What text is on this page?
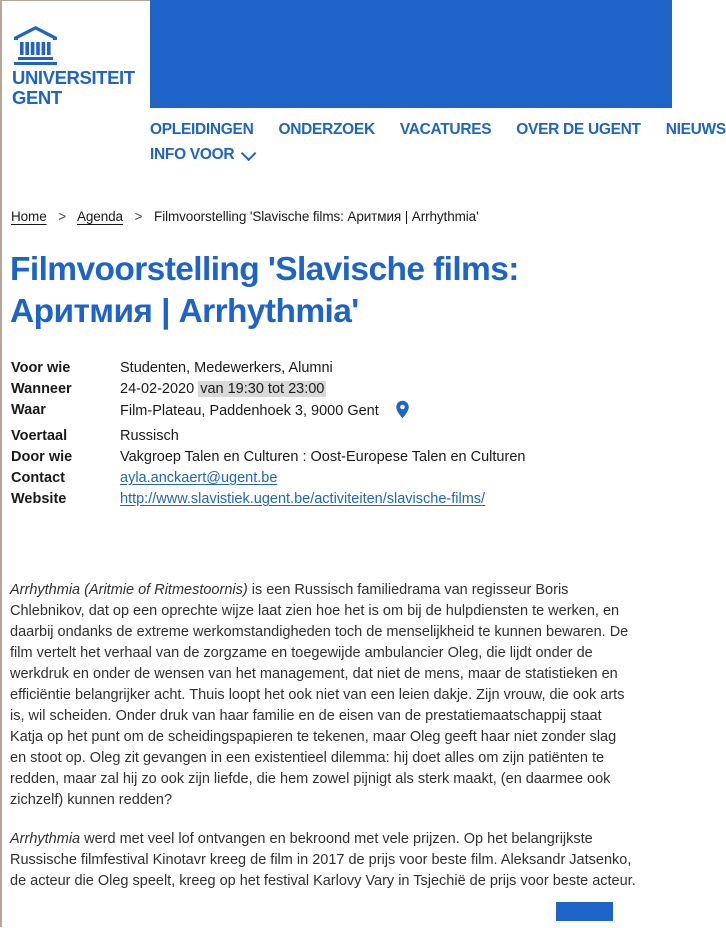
UNIVERSITEIT
GENT
OPLEIDINGEN ONDERZOEK VACATURES OVER DE UGENT NIEUWS
INFO VOOR
Home > Agenda > Filmvoorstelling 'Slavische films: Аритмия | Arrhythmia'
Filmvoorstelling 'Slavische films:
Аритмия | Arrhythmia'
Voor wie	Studenten, Medewerkers, Alumni
Wanneer	24-02-2020 van 19:30 tot 23:00
Waar	Film-Plateau, Paddenhoek 3, 9000 Gent
Voertaal	Russisch
Door wie	Vakgroep Talen en Culturen : Oost-Europese Talen en Culturen
Contact	ayla.anckaert@ugent.be
Website	http://www.slavistiek.ugent.be/activiteiten/slavische-films/

Arrhythmia (Aritmie of Ritmestoornis) is een Russisch familiedrama van regisseur Boris Chlebnikov, dat op een oprechte wijze laat zien hoe het is om bij de hulpdiensten te werken, en daarbij ondanks de extreme werkomstandigheden toch de menselijkheid te kunnen bewaren. De film vertelt het verhaal van de zorgzame en toegewijde ambulancier Oleg, die lijdt onder de werkdruk en onder de wensen van het management, dat niet de mens, maar de statistieken en efficiëntie belangrijker acht. Thuis loopt het ook niet van een leien dakje. Zijn vrouw, die ook arts is, wil scheiden. Onder druk van haar familie en de eisen van de prestatiemaatschappij staat Katja op het punt om de scheidingspapieren te tekenen, maar Oleg geeft haar niet zonder slag en stoot op. Oleg zit gevangen in een existentieel dilemma: hij doet alles om zijn patiënten te redden, maar zal hij zo ook zijn liefde, die hem zowel pijnigt als sterk maakt, (en daarmee ook zichzelf) kunnen redden?

Arrhythmia werd met veel lof ontvangen en bekroond met vele prijzen. Op het belangrijkste Russische filmfestival Kinotavr kreeg de film in 2017 de prijs voor beste film. Aleksandr Jatsenko, de acteur die Oleg speelt, kreeg op het festival Karlovy Vary in Tsjechië de prijs voor beste acteur.
